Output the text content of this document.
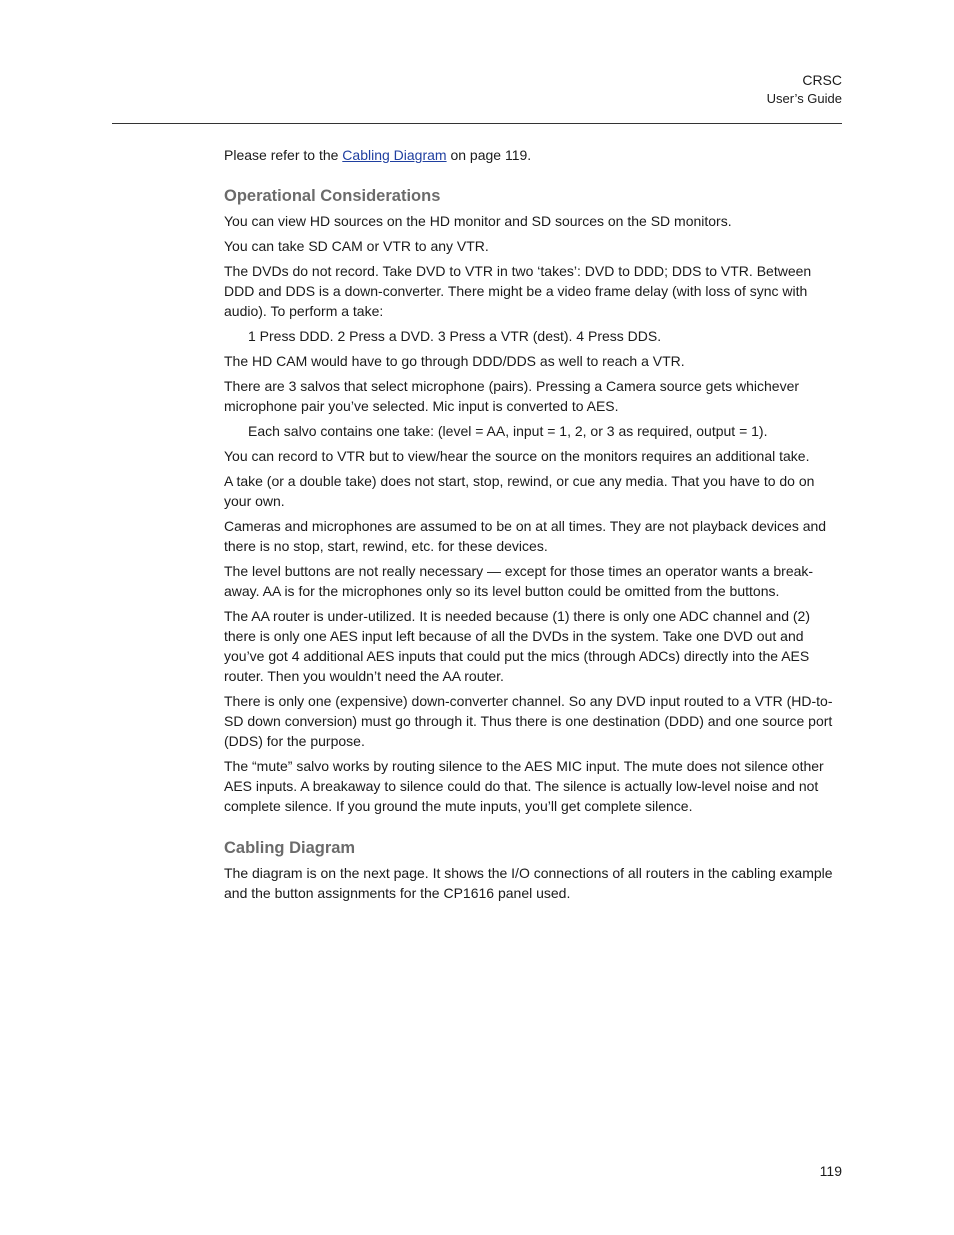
CRSC
User’s Guide

Please refer to the Cabling Diagram on page 119.

Operational Considerations

You can view HD sources on the HD monitor and SD sources on the SD monitors.

You can take SD CAM or VTR to any VTR.

The DVDs do not record. Take DVD to VTR in two ‘takes’: DVD to DDD; DDS to VTR. Between DDD and DDS is a down-converter. There might be a video frame delay (with loss of sync with audio). To perform a take:

1 Press DDD. 2 Press a DVD. 3 Press a VTR (dest). 4 Press DDS.

The HD CAM would have to go through DDD/DDS as well to reach a VTR.

There are 3 salvos that select microphone (pairs). Pressing a Camera source gets whichever microphone pair you’ve selected. Mic input is converted to AES.

Each salvo contains one take: (level = AA, input = 1, 2, or 3 as required, output = 1).

You can record to VTR but to view/hear the source on the monitors requires an additional take.

A take (or a double take) does not start, stop, rewind, or cue any media. That you have to do on your own.

Cameras and microphones are assumed to be on at all times. They are not playback devices and there is no stop, start, rewind, etc. for these devices.

The level buttons are not really necessary — except for those times an operator wants a break-away. AA is for the microphones only so its level button could be omitted from the buttons.

The AA router is under-utilized. It is needed because (1) there is only one ADC channel and (2) there is only one AES input left because of all the DVDs in the system. Take one DVD out and you’ve got 4 additional AES inputs that could put the mics (through ADCs) directly into the AES router. Then you wouldn’t need the AA router.

There is only one (expensive) down-converter channel. So any DVD input routed to a VTR (HD-to-SD down conversion) must go through it. Thus there is one destination (DDD) and one source port (DDS) for the purpose.

The “mute” salvo works by routing silence to the AES MIC input. The mute does not silence other AES inputs. A breakaway to silence could do that. The silence is actually low-level noise and not complete silence. If you ground the mute inputs, you’ll get complete silence.

Cabling Diagram

The diagram is on the next page. It shows the I/O connections of all routers in the cabling example and the button assignments for the CP1616 panel used.

119
